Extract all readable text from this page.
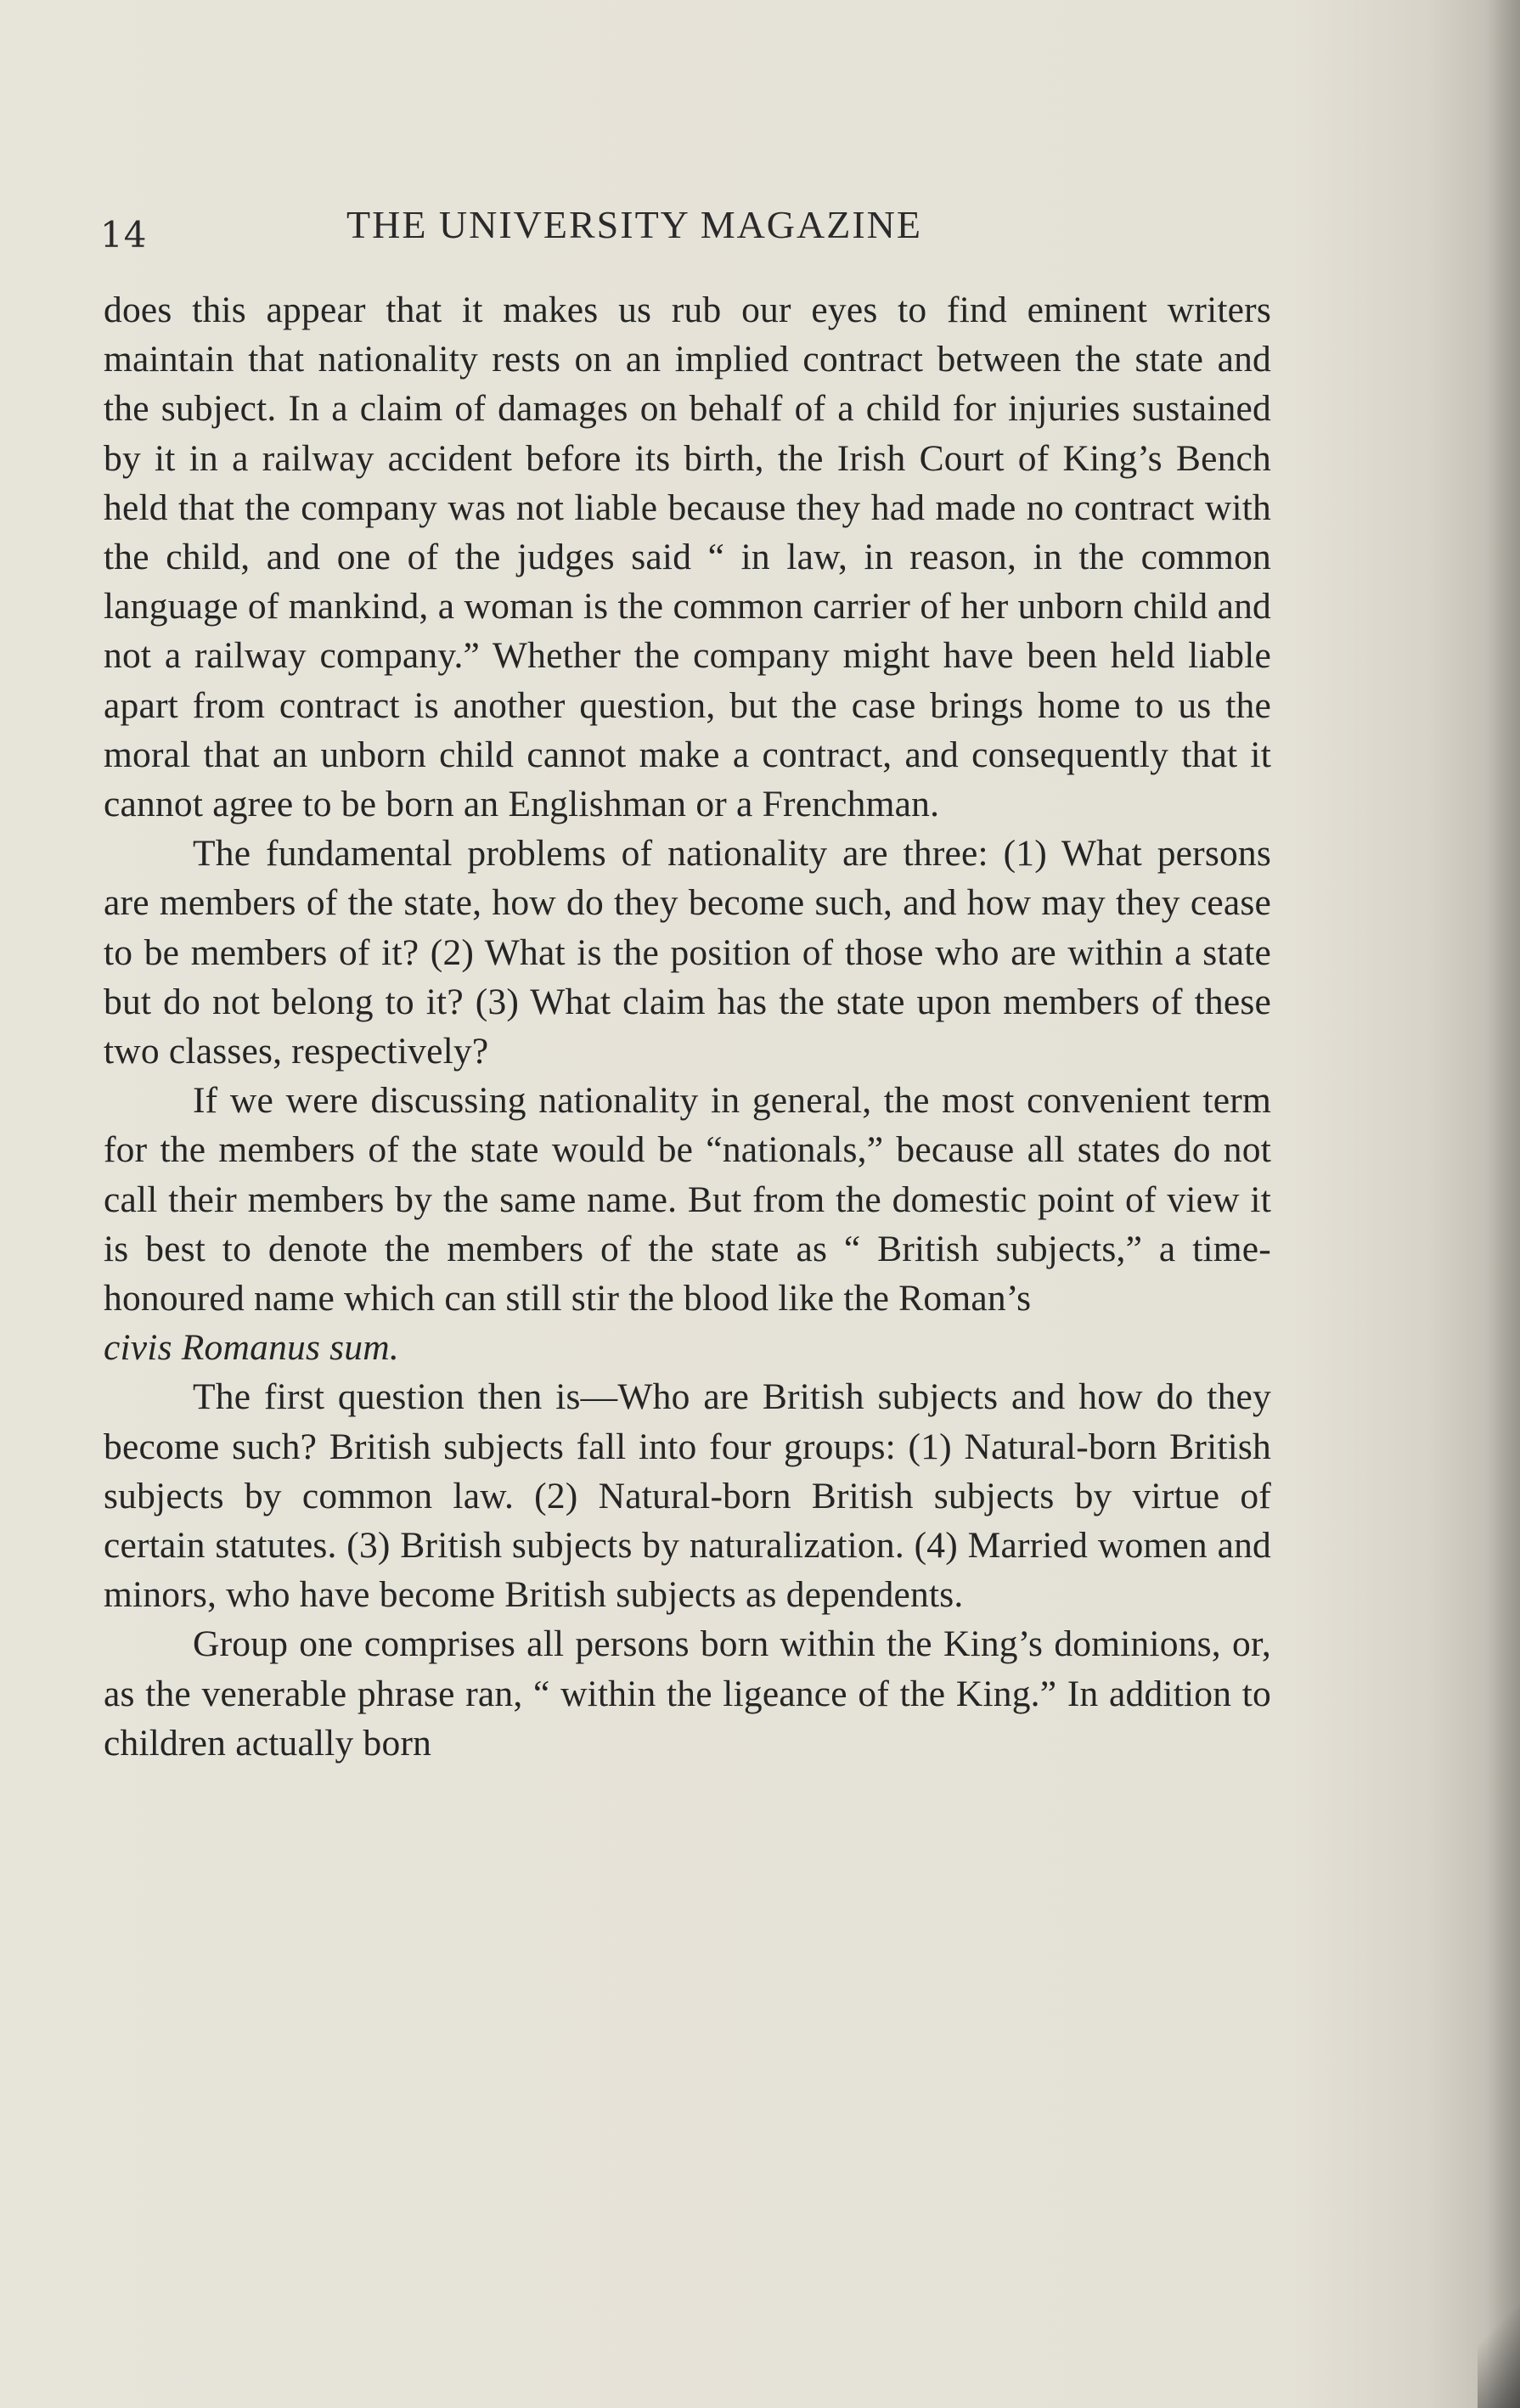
14	THE UNIVERSITY MAGAZINE

does this appear that it makes us rub our eyes to find eminent writers maintain that nationality rests on an implied contract between the state and the subject. In a claim of damages on behalf of a child for injuries sustained by it in a railway accident before its birth, the Irish Court of King’s Bench held that the company was not liable because they had made no contract with the child, and one of the judges said “ in law, in reason, in the common language of mankind, a woman is the common carrier of her unborn child and not a railway company.” Whether the company might have been held liable apart from contract is another question, but the case brings home to us the moral that an unborn child cannot make a contract, and consequently that it cannot agree to be born an Englishman or a Frenchman.

The fundamental problems of nationality are three: (1) What persons are members of the state, how do they become such, and how may they cease to be members of it? (2) What is the position of those who are within a state but do not belong to it? (3) What claim has the state upon members of these two classes, respectively?

If we were discussing nationality in general, the most convenient term for the members of the state would be “nationals,” because all states do not call their members by the same name. But from the domestic point of view it is best to denote the members of the state as “ British subjects,” a time-honoured name which can still stir the blood like the Roman’s
civis Romanus sum.

The first question then is—Who are British subjects and how do they become such? British subjects fall into four groups: (1) Natural-born British subjects by common law. (2) Natural-born British subjects by virtue of certain statutes. (3) British subjects by naturalization. (4) Married women and minors, who have become British subjects as dependents.

Group one comprises all persons born within the King’s dominions, or, as the venerable phrase ran, “ within the ligeance of the King.” In addition to children actually born
